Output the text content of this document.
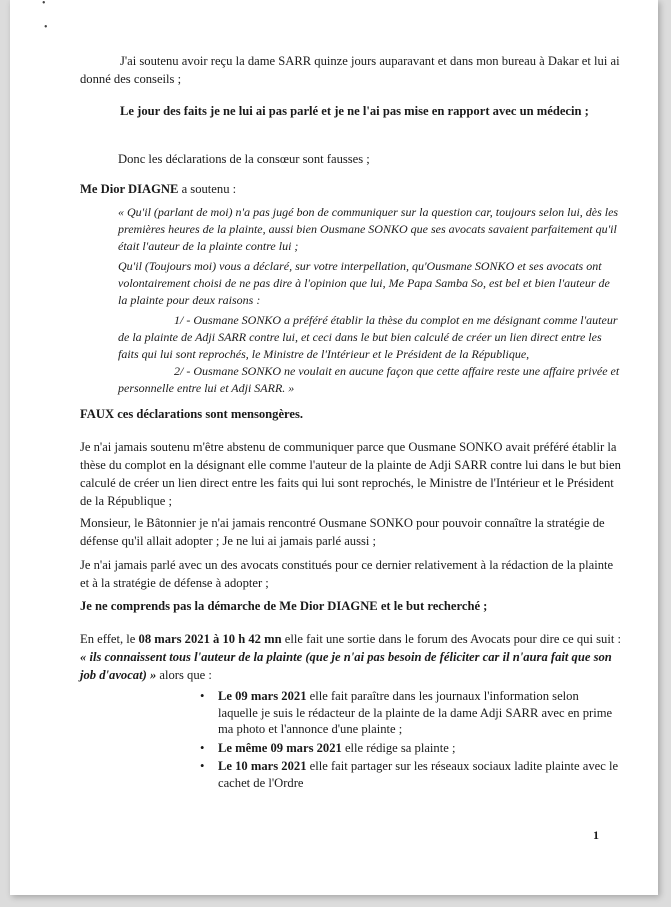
•
•

J'ai soutenu avoir reçu la dame SARR quinze jours auparavant et dans mon bureau à Dakar et lui ai donné des conseils ;

Le jour des faits je ne lui ai pas parlé et je ne l'ai pas mise en rapport avec un médecin ;

Donc les déclarations de la consœur sont fausses ;

Me Dior DIAGNE a soutenu :

« Qu'il (parlant de moi) n'a pas jugé bon de communiquer sur la question car, toujours selon lui, dès les premières heures de la plainte, aussi bien Ousmane SONKO que ses avocats savaient parfaitement qu'il était l'auteur de la plainte contre lui ;

Qu'il (Toujours moi) vous a déclaré, sur votre interpellation, qu'Ousmane SONKO et ses avocats ont volontairement choisi de ne pas dire à l'opinion que lui, Me Papa Samba So, est bel et bien l'auteur de la plainte pour deux raisons :

1/ - Ousmane SONKO a préféré établir la thèse du complot en me désignant comme l'auteur de la plainte de Adji SARR contre lui, et ceci dans le but bien calculé de créer un lien direct entre les faits qui lui sont reprochés, le Ministre de l'Intérieur et le Président de la République,

2/ - Ousmane SONKO ne voulait en aucune façon que cette affaire reste une affaire privée et personnelle entre lui et Adji SARR. »

FAUX ces déclarations sont mensongères.

Je n'ai jamais soutenu m'être abstenu de communiquer parce que Ousmane SONKO avait préféré établir la thèse du complot en la désignant elle comme l'auteur de la plainte de Adji SARR contre lui dans le but bien calculé de créer un lien direct entre les faits qui lui sont reprochés, le Ministre de l'Intérieur et le Président de la République ;

Monsieur, le Bâtonnier je n'ai jamais rencontré Ousmane SONKO pour pouvoir connaître la stratégie de défense qu'il allait adopter ; Je ne lui ai jamais parlé aussi ;

Je n'ai jamais parlé avec un des avocats constitués pour ce dernier relativement à la rédaction de la plainte et à la stratégie de défense à adopter ;

Je ne comprends pas la démarche de Me Dior DIAGNE et le but recherché ;

En effet, le 08 mars 2021 à 10 h 42 mn elle fait une sortie dans le forum des Avocats pour dire ce qui suit : « ils connaissent tous l'auteur de la plainte (que je n'ai pas besoin de féliciter car il n'aura fait que son job d'avocat) » alors que :

• Le 09 mars 2021 elle fait paraître dans les journaux l'information selon laquelle je suis le rédacteur de la plainte de la dame Adji SARR avec en prime ma photo et l'annonce d'une plainte ;
• Le même 09 mars 2021 elle rédige sa plainte ;
• Le 10 mars 2021 elle fait partager sur les réseaux sociaux ladite plainte avec le cachet de l'Ordre
1
